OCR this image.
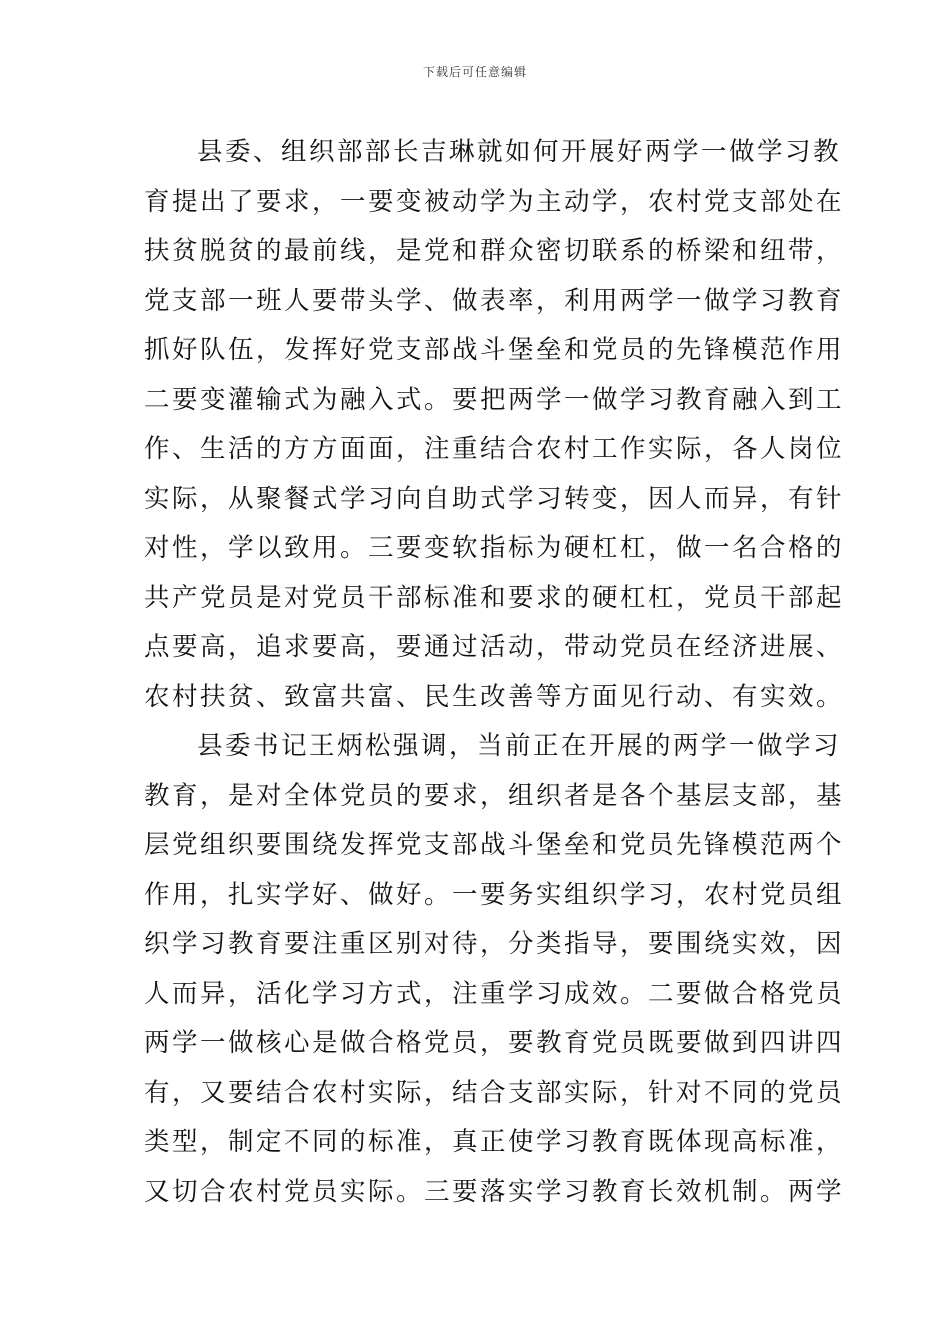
下载后可任意编辑
县委、组织部部长吉琳就如何开展好两学一做学习教
育提出了要求，一要变被动学为主动学，农村党支部处在
扶贫脱贫的最前线，是党和群众密切联系的桥梁和纽带，
党支部一班人要带头学、做表率，利用两学一做学习教育
抓好队伍，发挥好党支部战斗堡垒和党员的先锋模范作用
二要变灌输式为融入式。要把两学一做学习教育融入到工
作、生活的方方面面，注重结合农村工作实际，各人岗位
实际，从聚餐式学习向自助式学习转变，因人而异，有针
对性，学以致用。三要变软指标为硬杠杠，做一名合格的
共产党员是对党员干部标准和要求的硬杠杠，党员干部起
点要高，追求要高，要通过活动，带动党员在经济进展、
农村扶贫、致富共富、民生改善等方面见行动、有实效。
县委书记王炳松强调，当前正在开展的两学一做学习
教育，是对全体党员的要求，组织者是各个基层支部，基
层党组织要围绕发挥党支部战斗堡垒和党员先锋模范两个
作用，扎实学好、做好。一要务实组织学习，农村党员组
织学习教育要注重区别对待，分类指导，要围绕实效，因
人而异，活化学习方式，注重学习成效。二要做合格党员
两学一做核心是做合格党员，要教育党员既要做到四讲四
有，又要结合农村实际，结合支部实际，针对不同的党员
类型，制定不同的标准，真正使学习教育既体现高标准，
又切合农村党员实际。三要落实学习教育长效机制。两学
